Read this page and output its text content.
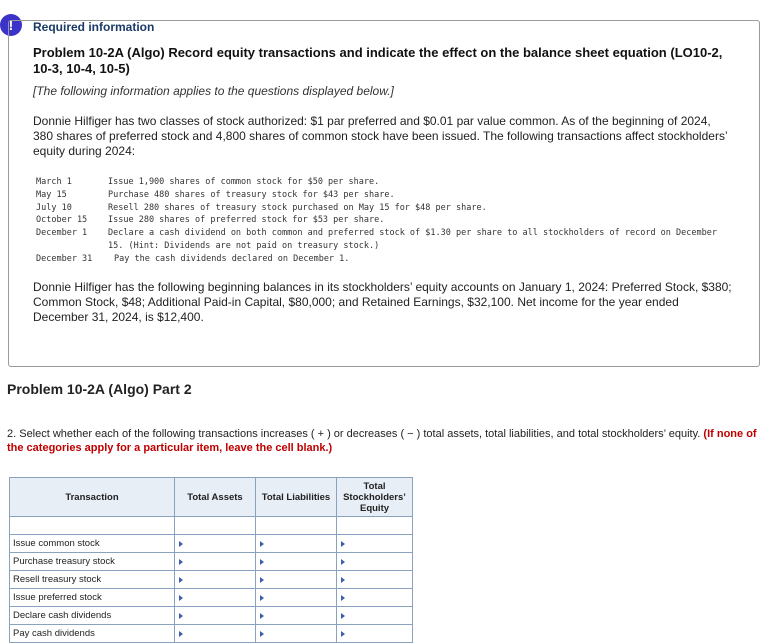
!	Required information
Problem 10-2A (Algo) Record equity transactions and indicate the effect on the balance sheet equation (LO10-2, 10-3, 10-4, 10-5)
[The following information applies to the questions displayed below.]
Donnie Hilfiger has two classes of stock authorized: $1 par preferred and $0.01 par value common. As of the beginning of 2024, 380 shares of preferred stock and 4,800 shares of common stock have been issued. The following transactions affect stockholders’ equity during 2024:
March 1	Issue 1,900 shares of common stock for $50 per share.
May 15	Purchase 480 shares of treasury stock for $43 per share.
July 10	Resell 280 shares of treasury stock purchased on May 15 for $48 per share.
October 15	Issue 280 shares of preferred stock for $53 per share.
December 1	Declare a cash dividend on both common and preferred stock of $1.30 per share to all stockholders of record on December 15. (Hint: Dividends are not paid on treasury stock.)
December 31	Pay the cash dividends declared on December 1.
Donnie Hilfiger has the following beginning balances in its stockholders’ equity accounts on January 1, 2024: Preferred Stock, $380; Common Stock, $48; Additional Paid-in Capital, $80,000; and Retained Earnings, $32,100. Net income for the year ended December 31, 2024, is $12,400.
Problem 10-2A (Algo) Part 2
2. Select whether each of the following transactions increases ( + ) or decreases ( − ) total assets, total liabilities, and total stockholders’ equity. (If none of the categories apply for a particular item, leave the cell blank.)
Transaction	Total Assets	Total Liabilities	Total Stockholders’ Equity

Issue common stock	

Purchase treasury stock	

Resell treasury stock	

Issue preferred stock	

Declare cash dividends	

Pay cash dividends	
